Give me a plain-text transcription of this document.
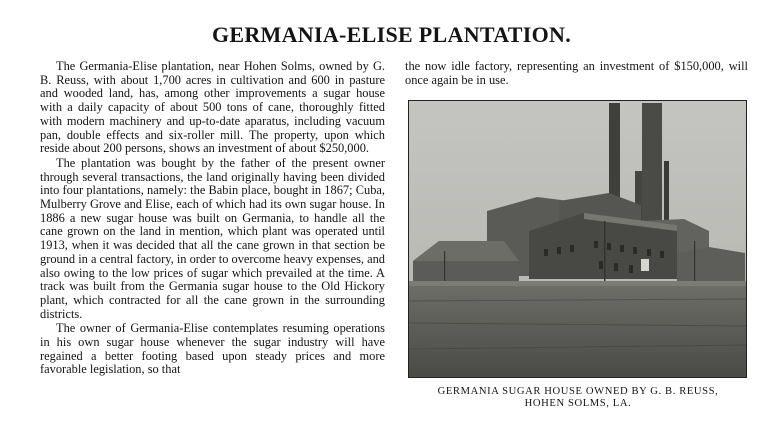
GERMANIA-ELISE PLANTATION.

The Germania-Elise plantation, near Hohen Solms, owned by G. B. Reuss, with about 1,700 acres in cultivation and 600 in pasture and wooded land, has, among other improvements a sugar house with a daily capacity of about 500 tons of cane, thoroughly fitted with modern machinery and up-to-date aparatus, including vacuum pan, double effects and six-roller mill. The property, upon which reside about 200 persons, shows an investment of about $250,000.

The plantation was bought by the father of the present owner through several transactions, the land originally having been divided into four plantations, namely: the Babin place, bought in 1867; Cuba, Mulberry Grove and Elise, each of which had its own sugar house. In 1886 a new sugar house was built on Germania, to handle all the cane grown on the land in mention, which plant was operated until 1913, when it was decided that all the cane grown in that section be ground in a central factory, in order to overcome heavy expenses, and also owing to the low prices of sugar which prevailed at the time. A track was built from the Germania sugar house to the Old Hickory plant, which contracted for all the cane grown in the surrounding districts.

The owner of Germania-Elise contemplates resuming operations in his own sugar house whenever the sugar industry will have regained a better footing based upon steady prices and more favorable legislation, so that

the now idle factory, representing an investment of $150,000, will once again be in use.

GERMANIA SUGAR HOUSE OWNED BY G. B. REUSS,
HOHEN SOLMS, LA.
